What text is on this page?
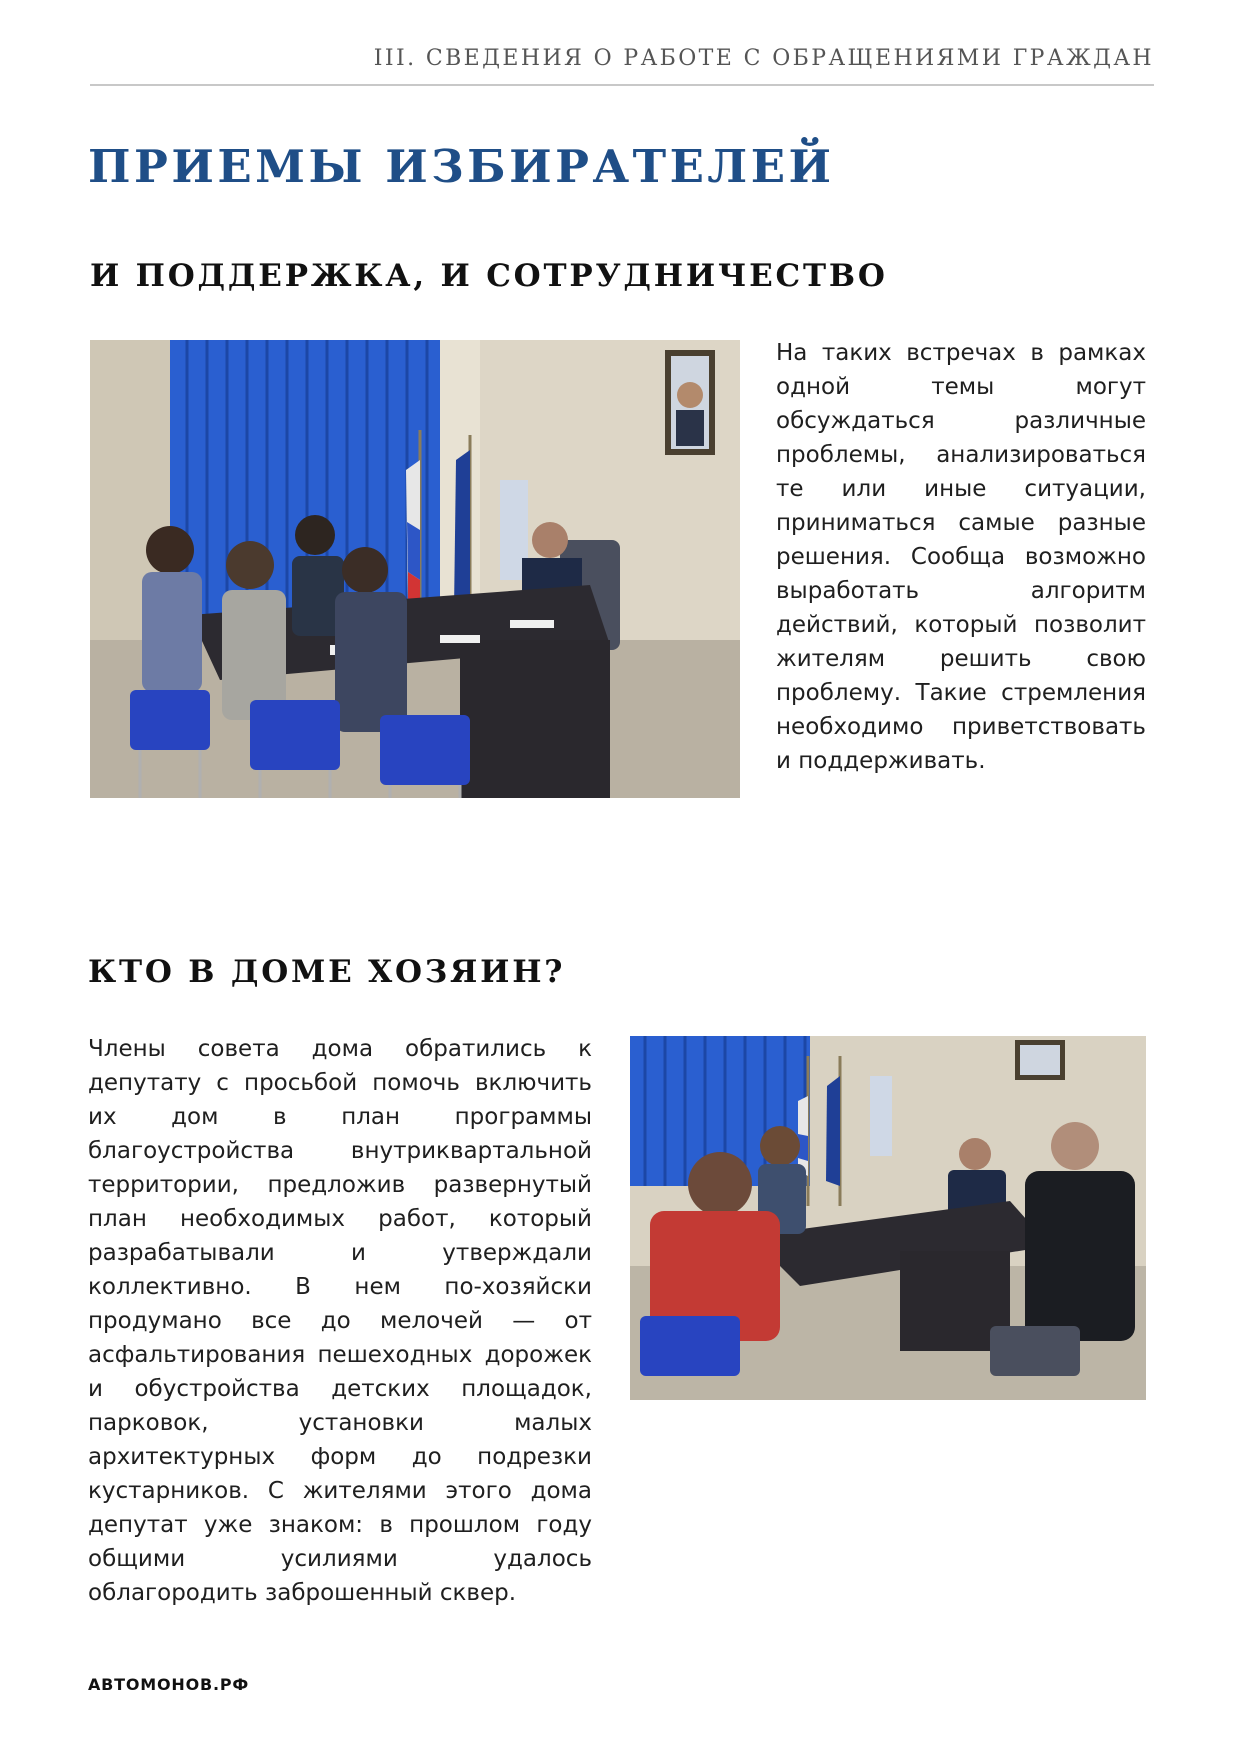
III. СВЕДЕНИЯ О РАБОТЕ С ОБРАЩЕНИЯМИ ГРАЖДАН
ПРИЕМЫ ИЗБИРАТЕЛЕЙ
И ПОДДЕРЖКА, И СОТРУДНИЧЕСТВО

На таких встречах в рамках одной темы могут обсуждаться различные проблемы, анализироваться те или иные ситуации, приниматься самые разные решения. Сообща возможно выработать алгоритм действий, который позволит жителям решить свою проблему. Такие стремления необходимо приветствовать и поддерживать.

КТО В ДОМЕ ХОЗЯИН?

Члены совета дома обратились к депутату с просьбой помочь включить их дом в план программы благоустройства внутриквартальной территории, предложив развернутый план необходимых работ, который разрабатывали и утверждали коллективно. В нем по-хозяйски продумано все до мелочей — от асфальтирования пешеходных дорожек и обустройства детских площадок, парковок, установки малых архитектурных форм до подрезки кустарников. С жителями этого дома депутат уже знаком: в прошлом году общими усилиями удалось облагородить заброшенный сквер.

АВТОМОНОВ.РФ
